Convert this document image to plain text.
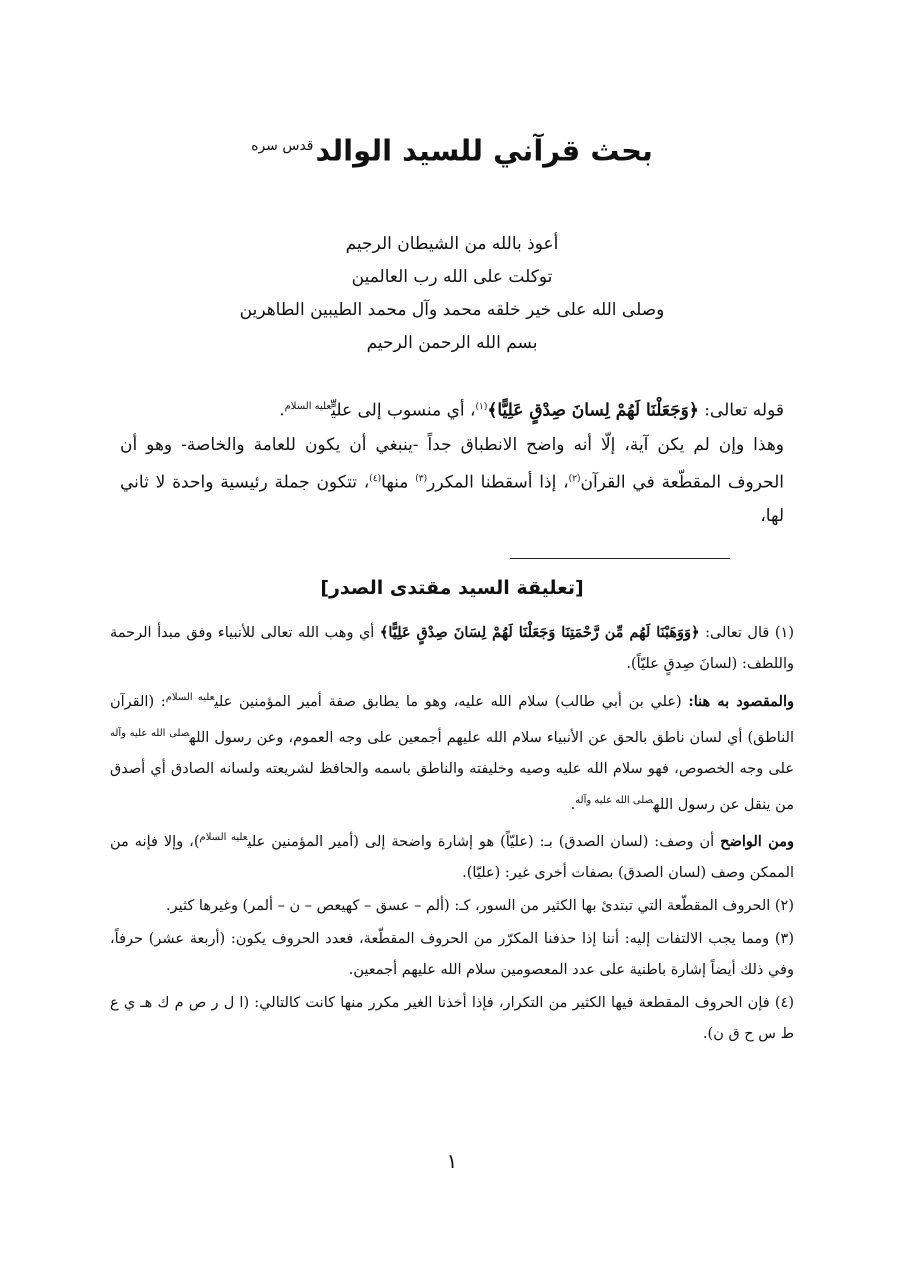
بحث قرآني للسيد الوالد$^{قدس سره}$
أعوذ بالله من الشيطان الرجيم
توكلت على الله رب العالمين
وصلى الله على خير خلقه محمد وآل محمد الطيبين الطاهرين
بسم الله الرحمن الرحيم

قوله تعالى: ﴿وَجَعَلْنَا لَهُمْ لِسانَ صِدْقٍ عَلِيًّا﴾$^{(١)}$، أي منسوب إلى عليٍّ$^{عليه السلام}$.

وهذا وإن لم يكن آية، إلّا أنه واضح الانطباق جداً -ينبغي أن يكون للعامة والخاصة- وهو أن الحروف المقطّعة في القرآن$^{(٢)}$، إذا أسقطنا المكرر$^{(٣)}$ منها$^{(٤)}$، تتكون جملة رئيسية واحدة لا ثاني لها،

[تعليقة السيد مقتدى الصدر]

(١) قال تعالى: ﴿وَوَهَبْنَا لَهُم مِّن رَّحْمَتِنَا وَجَعَلْنَا لَهُمْ لِسَانَ صِدْقٍ عَلِيًّا﴾ أي وهب الله تعالى للأنبياء وفق مبدأ الرحمة واللطف: (لسانَ صِدقٍ عليّاً).

والمقصود به هنا: (علي بن أبي طالب) سلام الله عليه، وهو ما يطابق صفة أمير المؤمنين علي$^{عليه السلام}$: (القرآن الناطق) أي لسان ناطق بالحق عن الأنبياء سلام الله عليهم أجمعين على وجه العموم، وعن رسول الله$^{صلى الله عليه وآله}$ على وجه الخصوص، فهو سلام الله عليه وصيه وخليفته والناطق باسمه والحافظ لشريعته ولسانه الصادق أي أصدق من ينقل عن رسول الله$^{صلى الله عليه وآله}$.

ومن الواضح أن وصف: (لسان الصدق) بـ: (عليّاً) هو إشارة واضحة إلى (أمير المؤمنين علي$^{عليه السلام}$)، وإلا فإنه من الممكن وصف (لسان الصدق) بصفات أخرى غير: (عليّا).

(٢) الحروف المقطّعة التي تبتدئ بها الكثير من السور، كـ: (ألم – عسق – كهيعص – ن – ألمر) وغيرها كثير.

(٣) ومما يجب الالتفات إليه: أننا إذا حذفنا المكرّر من الحروف المقطّعة، فعدد الحروف يكون: (أربعة عشر) حرفاً، وفي ذلك أيضاً إشارة باطنية على عدد المعصومين سلام الله عليهم أجمعين.

(٤) فإن الحروف المقطعة فيها الكثير من التكرار، فإذا أخذنا الغير مكرر منها كانت كالتالي: (ا ل ر ص م ك هـ ي ع ط س ح ق ن).

١
